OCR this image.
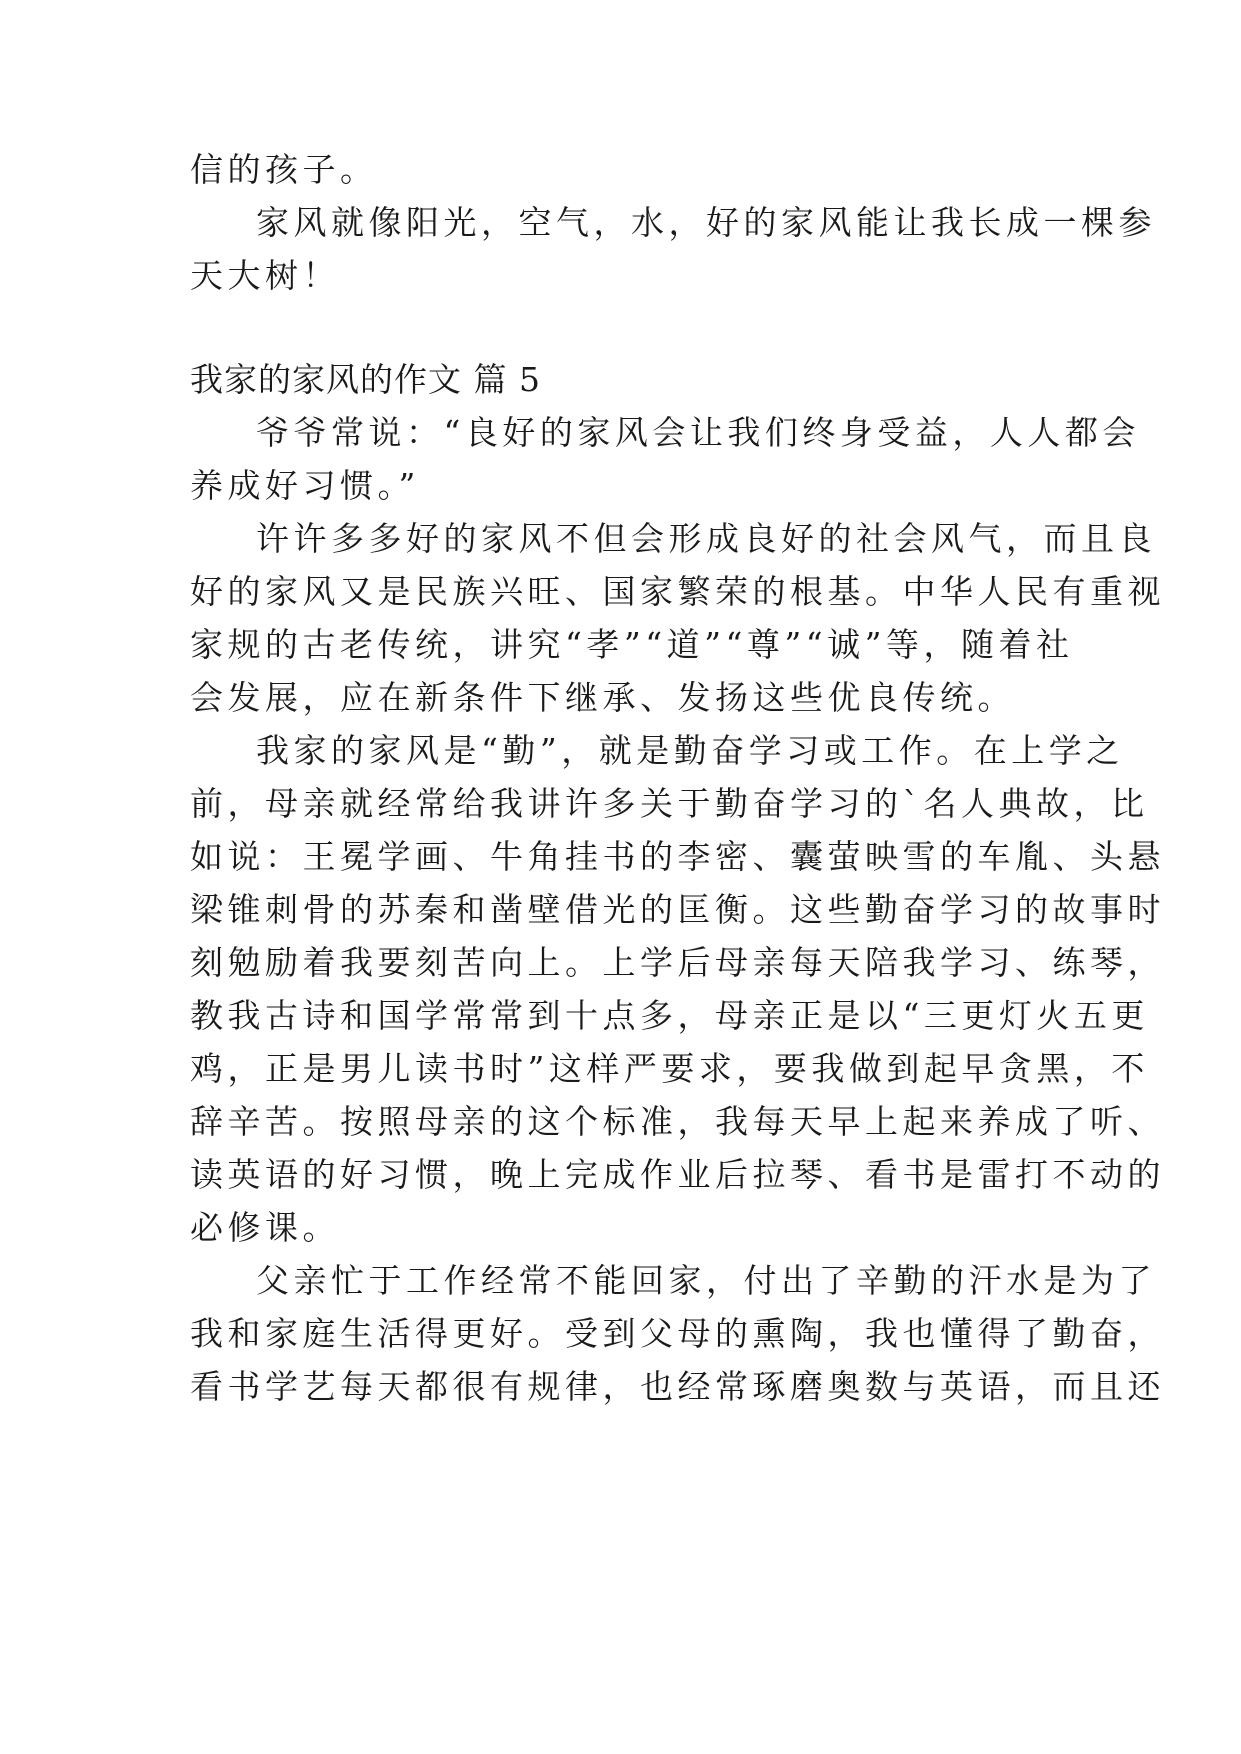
信的孩子。

家风就像阳光，空气，水，好的家风能让我长成一棵参

天大树！

我家的家风的作文 篇 5

爷爷常说：“良好的家风会让我们终身受益，人人都会

养成好习惯。”

许许多多好的家风不但会形成良好的社会风气，而且良

好的家风又是民族兴旺、国家繁荣的根基。中华人民有重视

家规的古老传统，讲究“孝”“道”“尊”“诚”等，随着社

会发展，应在新条件下继承、发扬这些优良传统。

我家的家风是“勤”，就是勤奋学习或工作。在上学之

前，母亲就经常给我讲许多关于勤奋学习的`名人典故，比

如说：王冕学画、牛角挂书的李密、囊萤映雪的车胤、头悬

梁锥刺骨的苏秦和凿壁借光的匡衡。这些勤奋学习的故事时

刻勉励着我要刻苦向上。上学后母亲每天陪我学习、练琴，

教我古诗和国学常常到十点多，母亲正是以“三更灯火五更

鸡，正是男儿读书时”这样严要求，要我做到起早贪黑，不

辞辛苦。按照母亲的这个标准，我每天早上起来养成了听、

读英语的好习惯，晚上完成作业后拉琴、看书是雷打不动的

必修课。

父亲忙于工作经常不能回家，付出了辛勤的汗水是为了

我和家庭生活得更好。受到父母的熏陶，我也懂得了勤奋，

看书学艺每天都很有规律，也经常琢磨奥数与英语，而且还
